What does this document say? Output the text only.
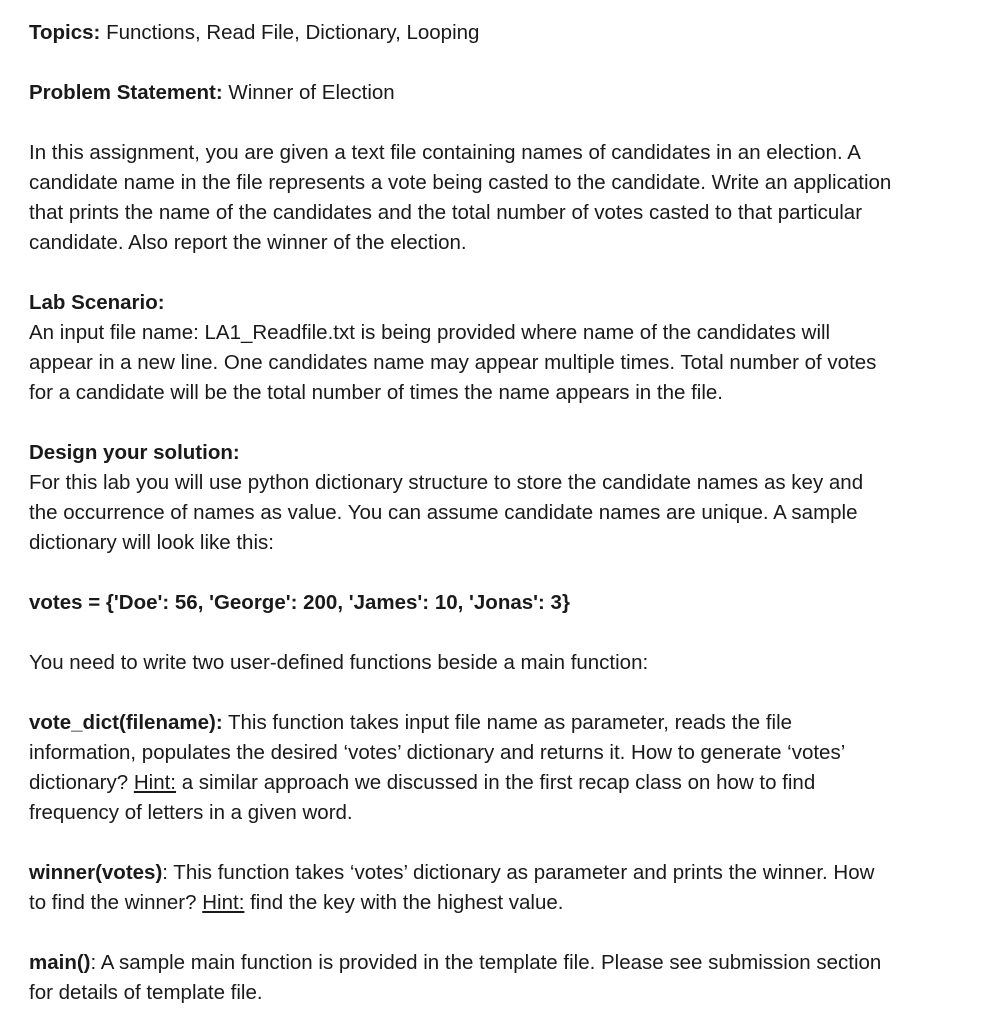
Topics: Functions, Read File, Dictionary, Looping

Problem Statement: Winner of Election

In this assignment, you are given a text file containing names of candidates in an election. A

candidate name in the file represents a vote being casted to the candidate. Write an application

that prints the name of the candidates and the total number of votes casted to that particular

candidate. Also report the winner of the election.

Lab Scenario:

An input file name: LA1_Readfile.txt is being provided where name of the candidates will

appear in a new line. One candidates name may appear multiple times. Total number of votes

for a candidate will be the total number of times the name appears in the file.

Design your solution:

For this lab you will use python dictionary structure to store the candidate names as key and

the occurrence of names as value. You can assume candidate names are unique. A sample

dictionary will look like this:

votes = {'Doe': 56, 'George': 200, 'James': 10, 'Jonas': 3}

You need to write two user-defined functions beside a main function:

vote_dict(filename): This function takes input file name as parameter, reads the file

information, populates the desired ‘votes’ dictionary and returns it. How to generate ‘votes’

dictionary? Hint: a similar approach we discussed in the first recap class on how to find

frequency of letters in a given word.

winner(votes): This function takes ‘votes’ dictionary as parameter and prints the winner. How

to find the winner? Hint: find the key with the highest value.

main(): A sample main function is provided in the template file. Please see submission section

for details of template file.
